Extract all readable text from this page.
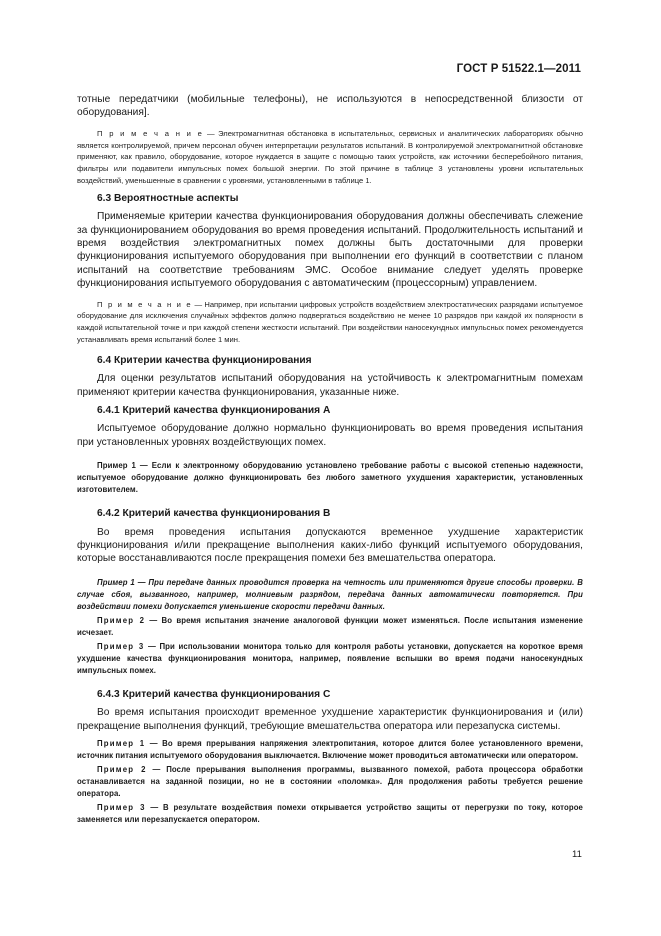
ГОСТ Р 51522.1—2011

тотные передатчики (мобильные телефоны), не используются в непосредственной близости от оборудования].

П р и м е ч а н и е — Электромагнитная обстановка в испытательных, сервисных и аналитических лабораториях обычно является контролируемой, причем персонал обучен интерпретации результатов испытаний. В контролируемой электромагнитной обстановке применяют, как правило, оборудование, которое нуждается в защите с помощью таких устройств, как источники бесперебойного питания, фильтры или подавители импульсных помех большой энергии. По этой причине в таблице 3 установлены уровни испытательных воздействий, уменьшенные в сравнении с уровнями, установленными в таблице 1.

6.3 Вероятностные аспекты

Применяемые критерии качества функционирования оборудования должны обеспечивать слежение за функционированием оборудования во время проведения испытаний. Продолжительность испытаний и время воздействия электромагнитных помех должны быть достаточными для проверки функционирования испытуемого оборудования при выполнении его функций в соответствии с планом испытаний на соответствие требованиям ЭМС. Особое внимание следует уделять проверке функционирования испытуемого оборудования с автоматическим (процессорным) управлением.

П р и м е ч а н и е — Например, при испытании цифровых устройств воздействием электростатических разрядами испытуемое оборудование для исключения случайных эффектов должно подвергаться воздействию не менее 10 разрядов при каждой их полярности в каждой испытательной точке и при каждой степени жесткости испытаний. При воздействии наносекундных импульсных помех рекомендуется устанавливать время испытаний более 1 мин.

6.4 Критерии качества функционирования

Для оценки результатов испытаний оборудования на устойчивость к электромагнитным помехам применяют критерии качества функционирования, указанные ниже.

6.4.1 Критерий качества функционирования А

Испытуемое оборудование должно нормально функционировать во время проведения испытания при установленных уровнях воздействующих помех.

Пример 1 — Если к электронному оборудованию установлено требование работы с высокой степенью надежности, испытуемое оборудование должно функционировать без любого заметного ухудшения характеристик, установленных изготовителем.

6.4.2 Критерий качества функционирования В

Во время проведения испытания допускаются временное ухудшение характеристик функционирования и/или прекращение выполнения каких-либо функций испытуемого оборудования, которые восстанавливаются после прекращения помехи без вмешательства оператора.

Пример 1 — При передаче данных проводится проверка на четность или применяются другие способы проверки. В случае сбоя, вызванного, например, молниевым разрядом, передача данных автоматически повторяется. При воздействии помехи допускается уменьшение скорости передачи данных.

Пример 2 — Во время испытания значение аналоговой функции может изменяться. После испытания изменение исчезает.

Пример 3 — При использовании монитора только для контроля работы установки, допускается на короткое время ухудшение качества функционирования монитора, например, появление вспышки во время подачи наносекундных импульсных помех.

6.4.3 Критерий качества функционирования С

Во время испытания происходит временное ухудшение характеристик функционирования и (или) прекращение выполнения функций, требующие вмешательства оператора или перезапуска системы.

Пример 1 — Во время прерывания напряжения электропитания, которое длится более установленного времени, источник питания испытуемого оборудования выключается. Включение может проводиться автоматически или оператором.

Пример 2 — После прерывания выполнения программы, вызванного помехой, работа процессора обработки останавливается на заданной позиции, но не в состоянии «поломка». Для продолжения работы требуется решение оператора.

Пример 3 — В результате воздействия помехи открывается устройство защиты от перегрузки по току, которое заменяется или перезапускается оператором.

11
